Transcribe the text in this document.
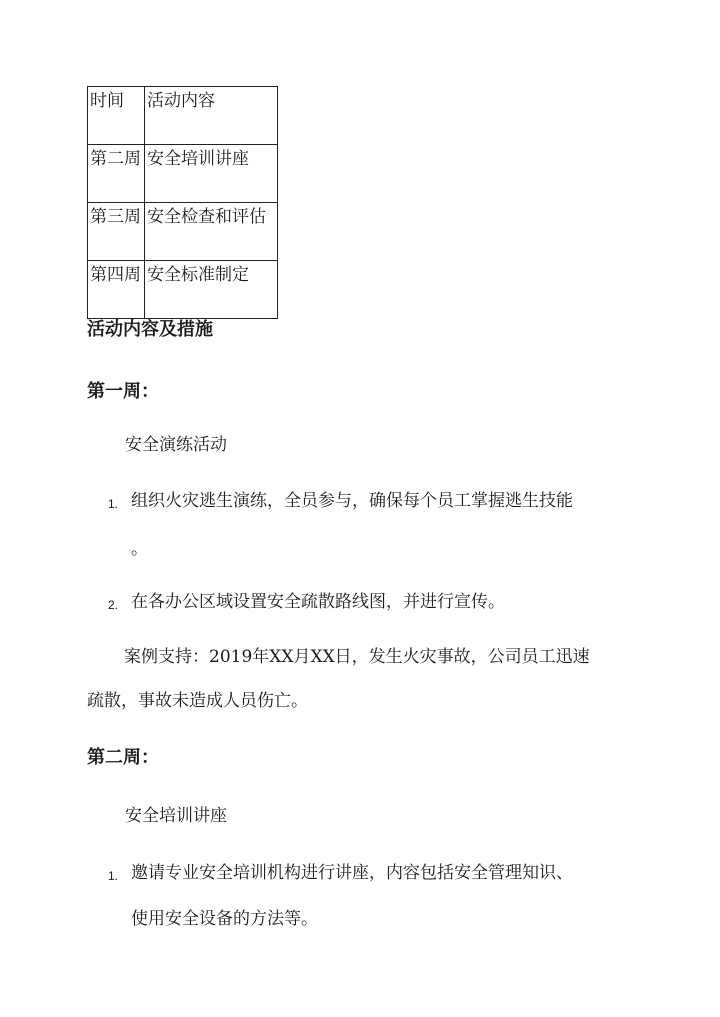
时间	活动内容
第二周	安全培训讲座
第三周	安全检查和评估
第四周	安全标准制定
活动内容及措施
第一周：
安全演练活动
1. 组织火灾逃生演练，全员参与，确保每个员工掌握逃生技能
。
2. 在各办公区域设置安全疏散路线图，并进行宣传。
案例支持：2019年XX月XX日，发生火灾事故，公司员工迅速
疏散，事故未造成人员伤亡。
第二周：
安全培训讲座
1. 邀请专业安全培训机构进行讲座，内容包括安全管理知识、
使用安全设备的方法等。
